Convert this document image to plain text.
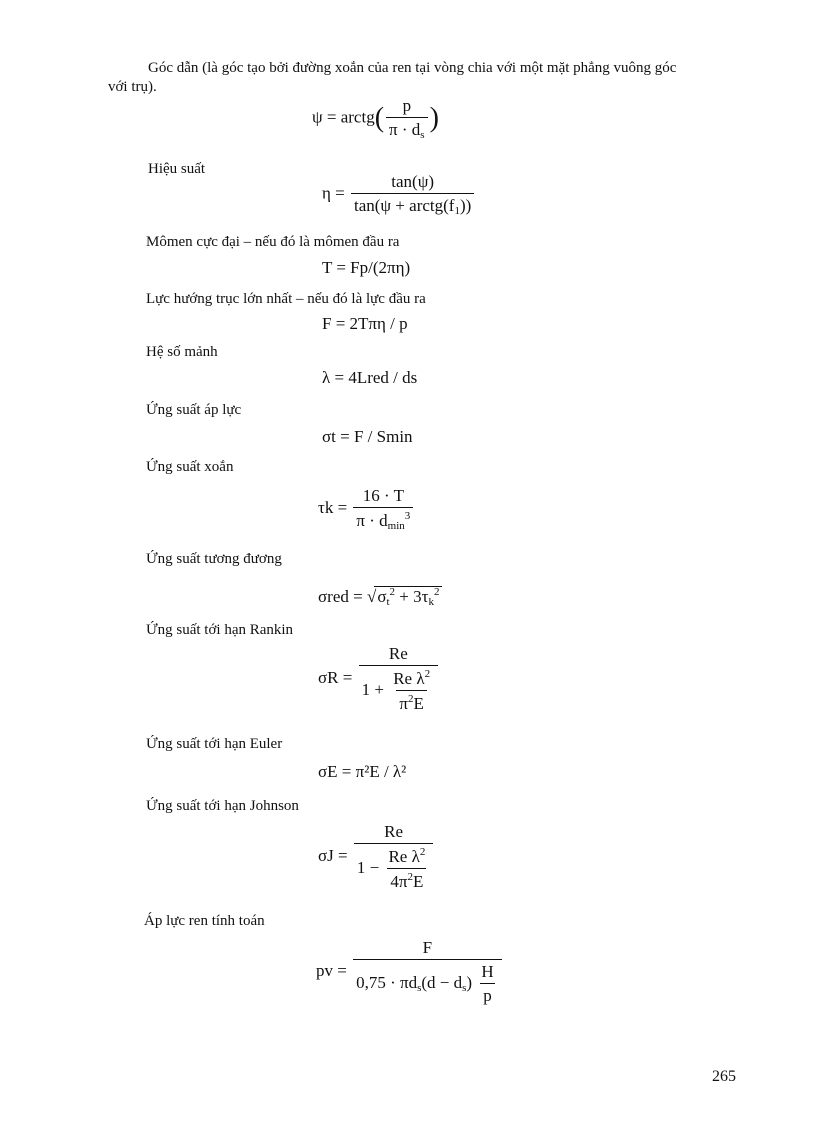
Góc dẫn (là góc tạo bởi đường xoắn của ren tại vòng chia với một mặt phẳng vuông góc
với trụ).
ψ = arctg( $\frac{p}{\pi \cdot d_s}$ )
Hiệu suất
$\eta = \frac{\tan(\psi)}{\tan(\psi + arctg(f_1))}$
Mômen cực đại – nếu đó là mômen đầu ra
T = Fp/(2πη)
Lực hướng trục lớn nhất – nếu đó là lực đầu ra
F = 2Tπη / p
Hệ số mảnh
λ = 4Lred / ds
Ứng suất áp lực
σt = F / Smin
Ứng suất xoắn
$\tau k = \frac{16 \cdot T}{\pi \cdot d_{min}^3}$
Ứng suất tương đương
$\sigma red = √\sigma_t^2 + 3\tau_k^2$
Ứng suất tới hạn Rankin
$\sigma R = \frac{Re}{1 + \frac{Re \lambda^2}{\pi^2E}}$
Ứng suất tới hạn Euler
σE = π²E / λ²
Ứng suất tới hạn Johnson
$\sigma J = \frac{Re}{1 - \frac{Re \lambda^2}{4\pi^2E}}$
Áp lực ren tính toán
pv = $\frac{F}{0,75 \cdot \pi d_s(d - d_s) \frac{H}{p}}$
265
